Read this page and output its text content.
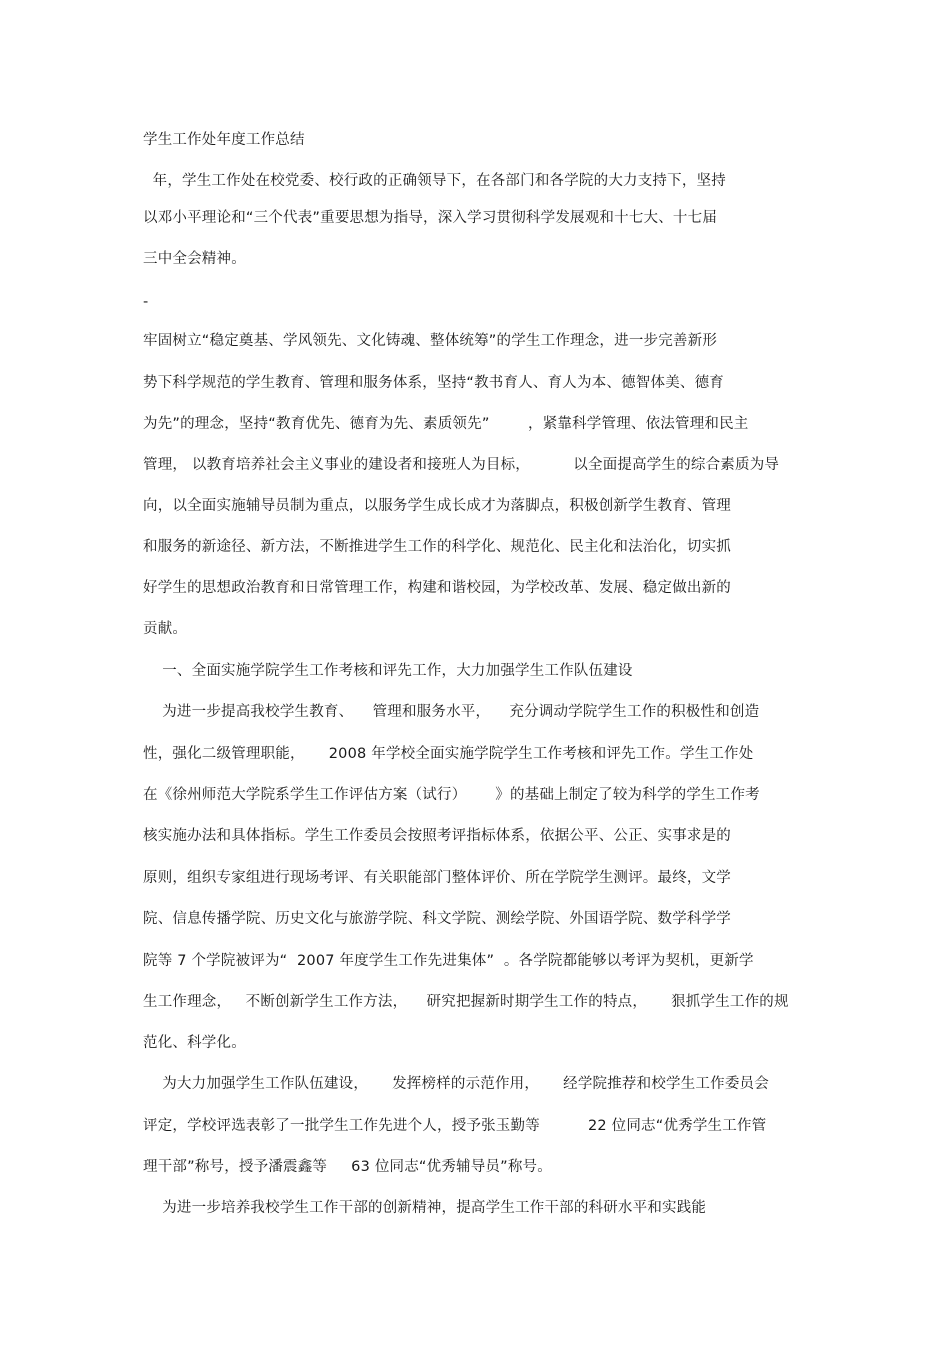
学生工作处年度工作总结
年，学生工作处在校党委、校行政的正确领导下，在各部门和各学院的大力支持下，坚持
以邓小平理论和“三个代表”重要思想为指导，深入学习贯彻科学发展观和十七大、十七届
三中全会精神。
-
牢固树立“稳定奠基、学风领先、文化铸魂、整体统筹”的学生工作理念，进一步完善新形
势下科学规范的学生教育、管理和服务体系，坚持“教书育人、育人为本、德智体美、德育
为先”的理念，坚持“教育优先、德育为先、素质领先”        ，紧靠科学管理、依法管理和民主
管理， 以教育培养社会主义事业的建设者和接班人为目标，         以全面提高学生的综合素质为导
向，以全面实施辅导员制为重点，以服务学生成长成才为落脚点，积极创新学生教育、管理
和服务的新途径、新方法，不断推进学生工作的科学化、规范化、民主化和法治化，切实抓
好学生的思想政治教育和日常管理工作，构建和谐校园，为学校改革、发展、稳定做出新的
贡献。
一、全面实施学院学生工作考核和评先工作，大力加强学生工作队伍建设
为进一步提高我校学生教育、    管理和服务水平，    充分调动学院学生工作的积极性和创造
性，强化二级管理职能，     2008 年学校全面实施学院学生工作考核和评先工作。学生工作处
在《徐州师范大学院系学生工作评估方案（试行）      》的基础上制定了较为科学的学生工作考
核实施办法和具体指标。学生工作委员会按照考评指标体系，依据公平、公正、实事求是的
原则，组织专家组进行现场考评、有关职能部门整体评价、所在学院学生测评。最终，文学
院、信息传播学院、历史文化与旅游学院、科文学院、测绘学院、外国语学院、数学科学学
院等 7 个学院被评为“  2007 年度学生工作先进集体”  。各学院都能够以考评为契机，更新学
生工作理念，   不断创新学生工作方法，    研究把握新时期学生工作的特点，     狠抓学生工作的规
范化、科学化。
为大力加强学生工作队伍建设，     发挥榜样的示范作用，     经学院推荐和校学生工作委员会
评定，学校评选表彰了一批学生工作先进个人，授予张玉勤等          22 位同志“优秀学生工作管
理干部”称号，授予潘震鑫等     63 位同志“优秀辅导员”称号。
为进一步培养我校学生工作干部的创新精神，提高学生工作干部的科研水平和实践能
